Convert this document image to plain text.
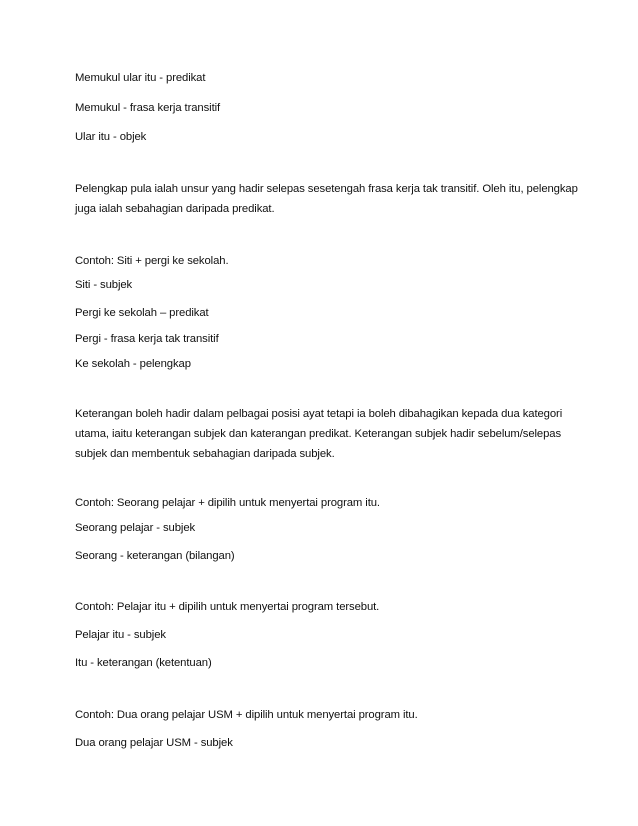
Memukul ular itu - predikat
Memukul - frasa kerja transitif
Ular itu - objek
Pelengkap pula ialah unsur yang hadir selepas sesetengah frasa kerja tak transitif. Oleh itu, pelengkap
juga ialah sebahagian daripada predikat.
Contoh: Siti + pergi ke sekolah.
Siti - subjek
Pergi ke sekolah – predikat
Pergi - frasa kerja tak transitif
Ke sekolah - pelengkap
Keterangan boleh hadir dalam pelbagai posisi ayat tetapi ia boleh dibahagikan kepada dua kategori
utama, iaitu keterangan subjek dan katerangan predikat. Keterangan subjek hadir sebelum/selepas
subjek dan membentuk sebahagian daripada subjek.
Contoh: Seorang pelajar + dipilih untuk menyertai program itu.
Seorang pelajar - subjek
Seorang - keterangan (bilangan)
Contoh: Pelajar itu + dipilih untuk menyertai program tersebut.
Pelajar itu - subjek
Itu - keterangan (ketentuan)
Contoh: Dua orang pelajar USM + dipilih untuk menyertai program itu.
Dua orang pelajar USM - subjek
